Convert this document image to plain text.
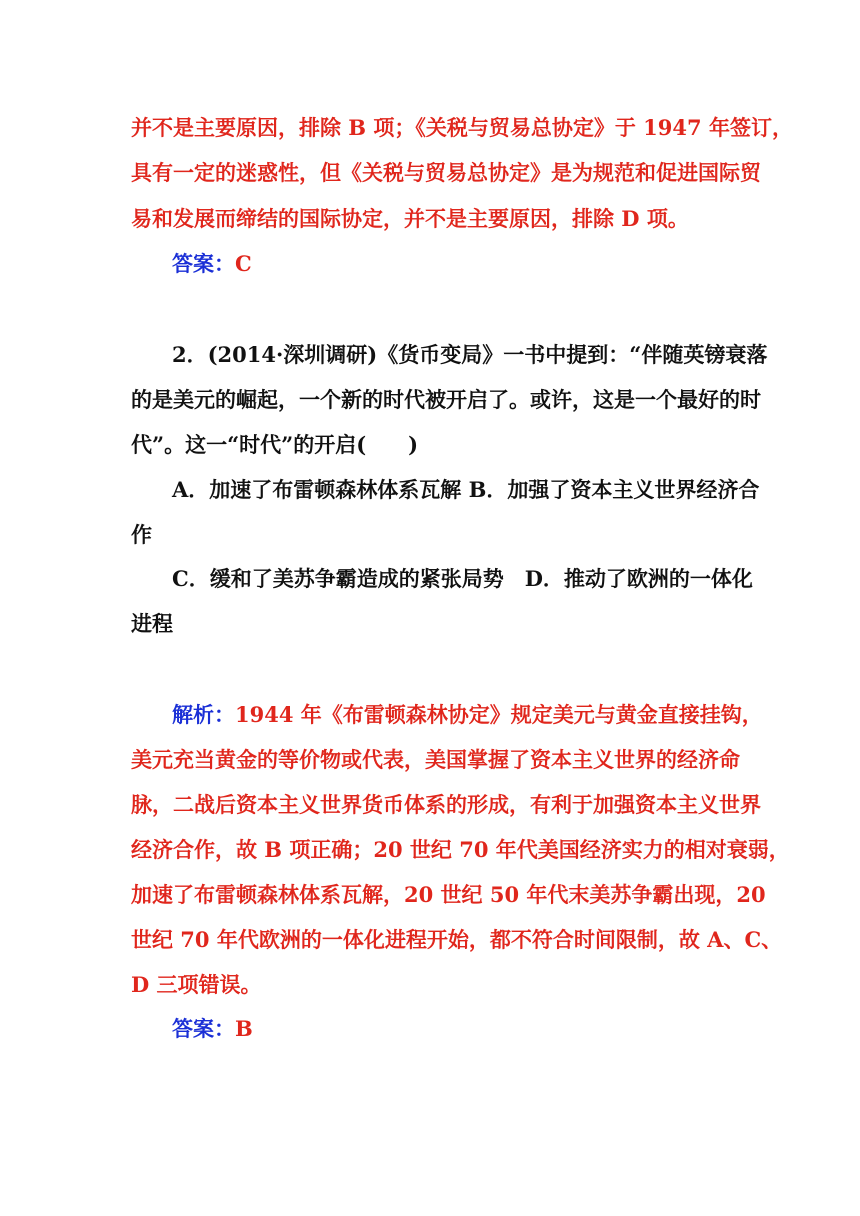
并不是主要原因，排除 B 项；《关税与贸易总协定》于 1947 年签订，
具有一定的迷惑性，但《关税与贸易总协定》是为规范和促进国际贸
易和发展而缔结的国际协定，并不是主要原因，排除 D 项。
答案：C
2．(2014·深圳调研)《货币变局》一书中提到：“伴随英镑衰落
的是美元的崛起，一个新的时代被开启了。或许，这是一个最好的时
代”。这一“时代”的开启(　　)
A．加速了布雷顿森林体系瓦解 B．加强了资本主义世界经济合
作
C．缓和了美苏争霸造成的紧张局势　D．推动了欧洲的一体化
进程
解析：1944 年《布雷顿森林协定》规定美元与黄金直接挂钩，
美元充当黄金的等价物或代表，美国掌握了资本主义世界的经济命
脉，二战后资本主义世界货币体系的形成，有利于加强资本主义世界
经济合作，故 B 项正确；20 世纪 70 年代美国经济实力的相对衰弱，
加速了布雷顿森林体系瓦解，20 世纪 50 年代末美苏争霸出现，20
世纪 70 年代欧洲的一体化进程开始，都不符合时间限制，故 A、C、
D 三项错误。
答案：B
